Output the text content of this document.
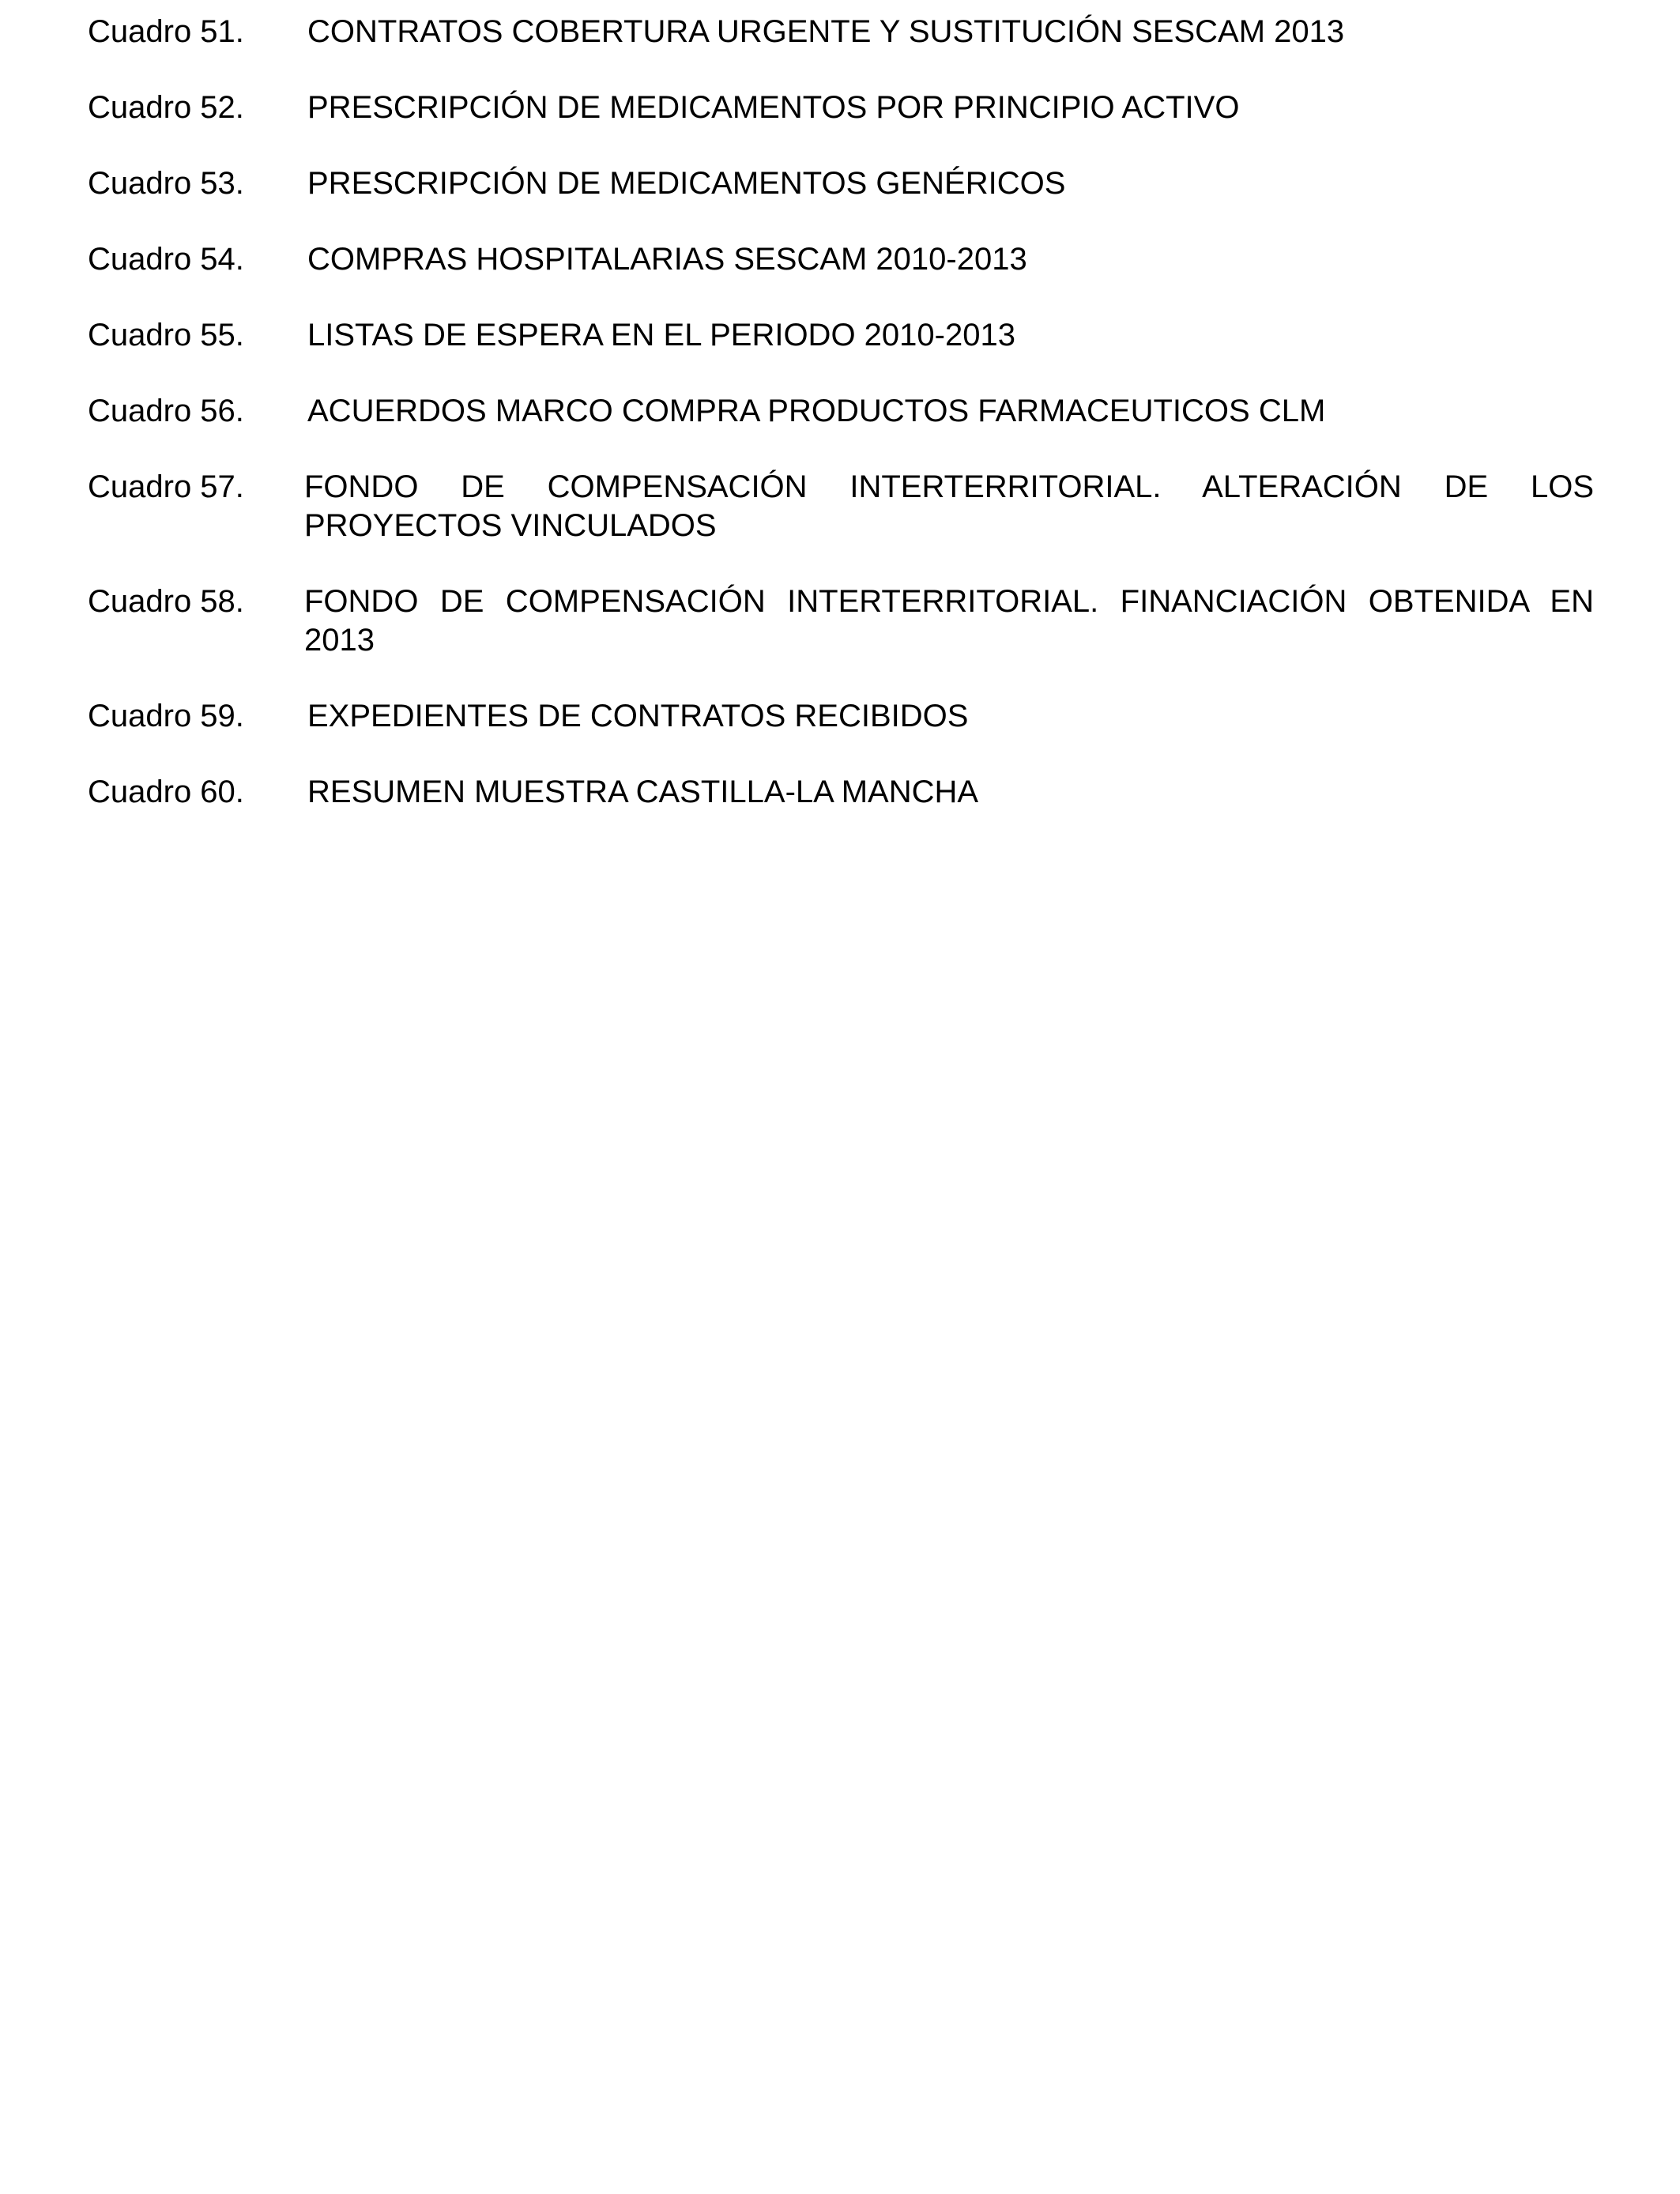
Cuadro 51.	CONTRATOS COBERTURA URGENTE Y SUSTITUCIÓN SESCAM 2013
Cuadro 52.	PRESCRIPCIÓN DE MEDICAMENTOS POR PRINCIPIO ACTIVO
Cuadro 53.	PRESCRIPCIÓN DE MEDICAMENTOS GENÉRICOS
Cuadro 54.	COMPRAS HOSPITALARIAS SESCAM 2010-2013
Cuadro 55.	LISTAS DE ESPERA EN EL PERIODO 2010-2013
Cuadro 56.	ACUERDOS MARCO COMPRA PRODUCTOS FARMACEUTICOS CLM
Cuadro 57.	FONDO DE COMPENSACIÓN INTERTERRITORIAL. ALTERACIÓN DE LOS PROYECTOS VINCULADOS
Cuadro 58.	FONDO DE COMPENSACIÓN INTERTERRITORIAL. FINANCIACIÓN OBTENIDA EN 2013
Cuadro 59.	EXPEDIENTES DE CONTRATOS RECIBIDOS
Cuadro 60.	RESUMEN MUESTRA CASTILLA-LA MANCHA
